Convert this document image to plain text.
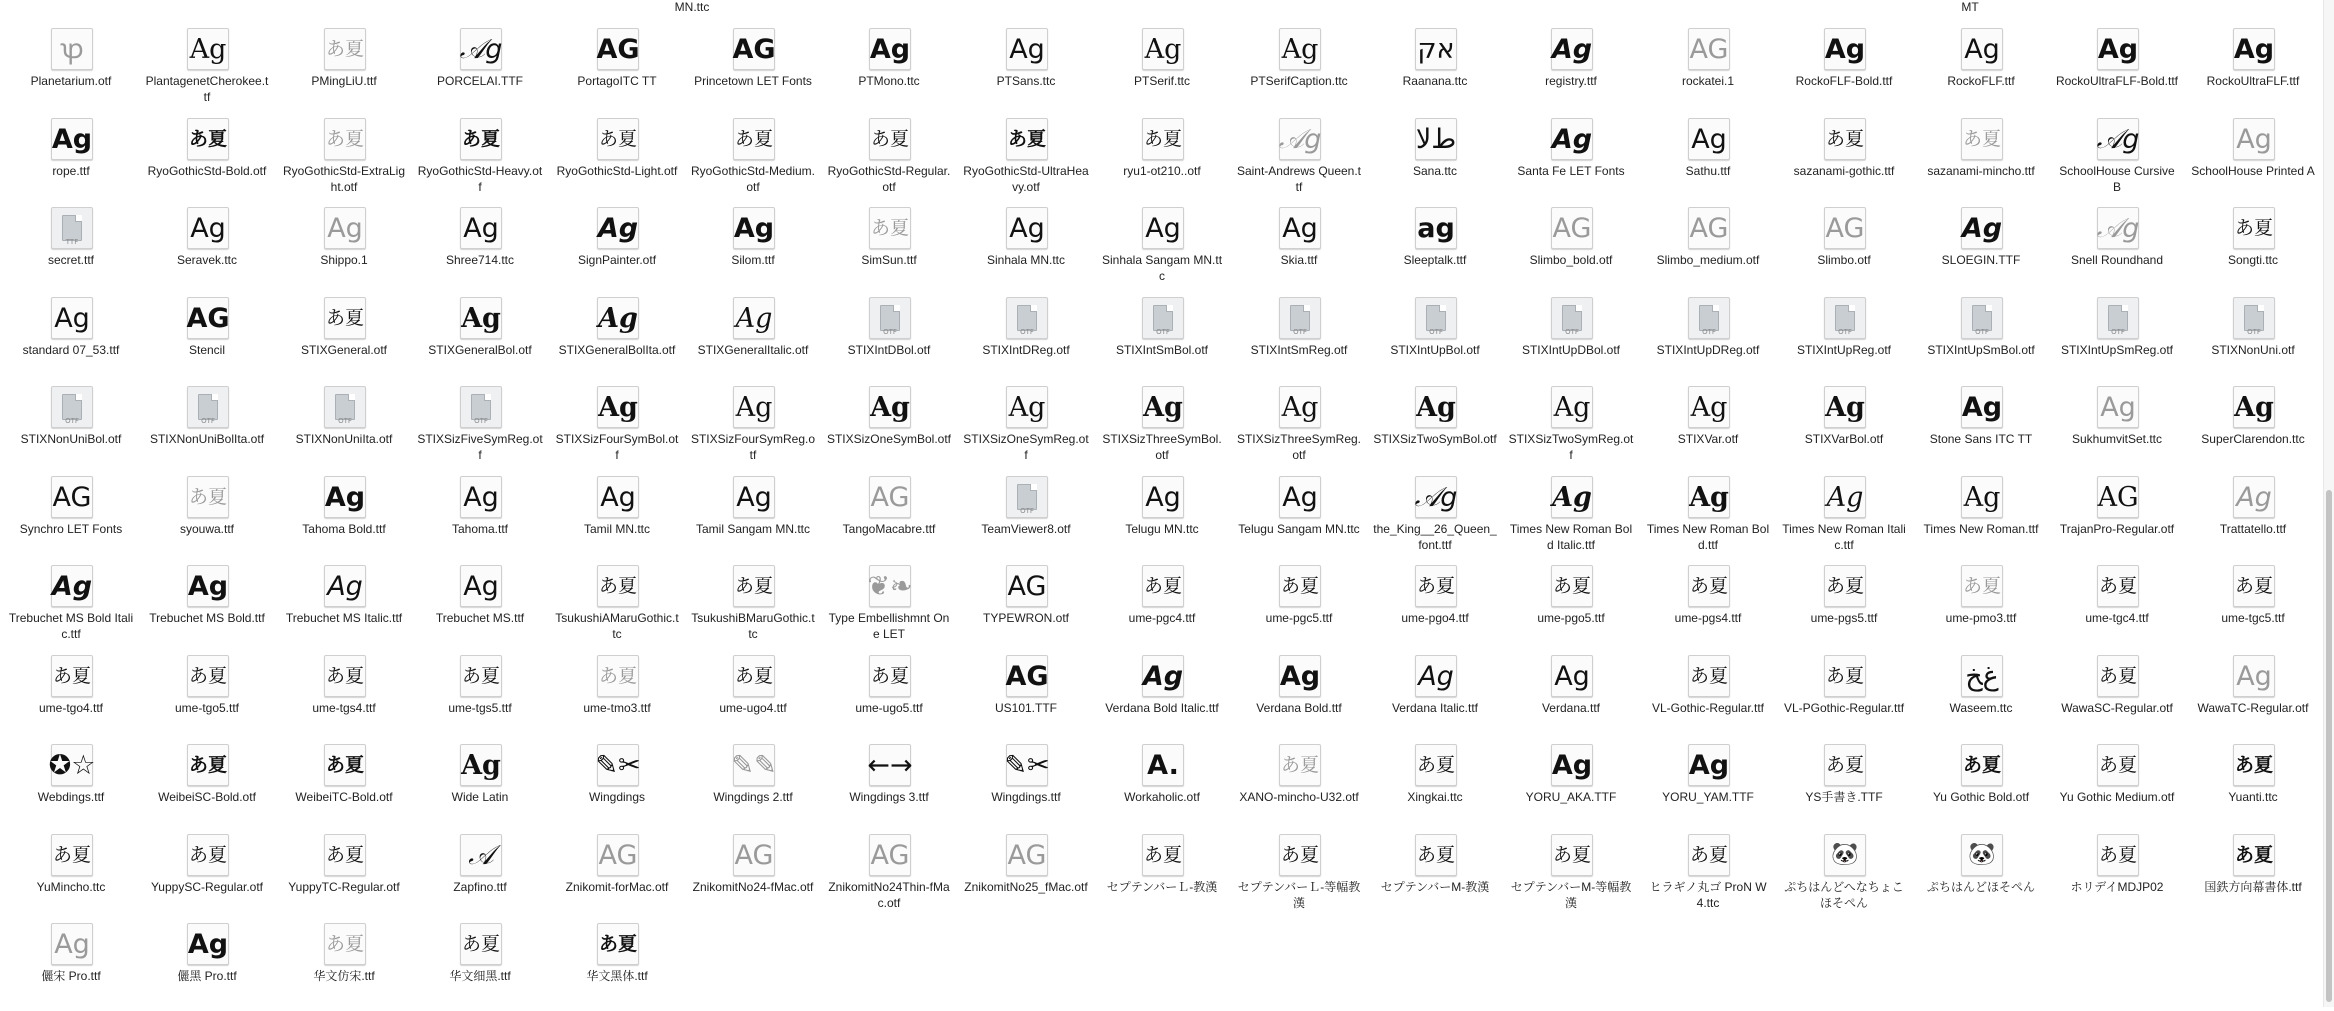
MN.ttc	MT
ꝕ
Planetarium.otf
Ag
PlantagenetCherokee.ttf
あ夏
PMingLiU.ttf
𝒜g
PORCELAI.TTF
AG
PortagoITC TT
AG
Princetown LET Fonts
Ag
PTMono.ttc
Ag
PTSans.ttc
Ag
PTSerif.ttc
Ag
PTSerifCaption.ttc
אק
Raanana.ttc
Ag
registry.ttf
AG
rockatei.1
Ag
RockoFLF-Bold.ttf
Ag
RockoFLF.ttf
Ag
RockoUltraFLF-Bold.ttf
Ag
RockoUltraFLF.ttf
Ag
rope.ttf
あ夏
RyoGothicStd-Bold.otf
あ夏
RyoGothicStd-ExtraLight.otf
あ夏
RyoGothicStd-Heavy.otf
あ夏
RyoGothicStd-Light.otf
あ夏
RyoGothicStd-Medium.otf
あ夏
RyoGothicStd-Regular.otf
あ夏
RyoGothicStd-UltraHeavy.otf
あ夏
ryu1-ot210..otf
𝒜g
Saint-Andrews Queen.ttf
ﻁﻻ
Sana.ttc
Ag
Santa Fe LET Fonts
Ag
Sathu.ttf
あ夏
sazanami-gothic.ttf
あ夏
sazanami-mincho.ttf
𝒜g
SchoolHouse Cursive B
Ag
SchoolHouse Printed A
TTF
secret.ttf
Ag
Seravek.ttc
Ag
Shippo.1
Ag
Shree714.ttc
Ag
SignPainter.otf
Ag
Silom.ttf
あ夏
SimSun.ttf
Ag
Sinhala MN.ttc
Ag
Sinhala Sangam MN.ttc
Ag
Skia.ttf
ag
Sleeptalk.ttf
AG
Slimbo_bold.otf
AG
Slimbo_medium.otf
AG
Slimbo.otf
Ag
SLOEGIN.TTF
𝒜g
Snell Roundhand
あ夏
Songti.ttc
Ag
standard 07_53.ttf
AG
Stencil
あ夏
STIXGeneral.otf
Ag
STIXGeneralBol.otf
Ag
STIXGeneralBolIta.otf
Ag
STIXGeneralItalic.otf
OTF
STIXIntDBol.otf
OTF
STIXIntDReg.otf
OTF
STIXIntSmBol.otf
OTF
STIXIntSmReg.otf
OTF
STIXIntUpBol.otf
OTF
STIXIntUpDBol.otf
OTF
STIXIntUpDReg.otf
OTF
STIXIntUpReg.otf
OTF
STIXIntUpSmBol.otf
OTF
STIXIntUpSmReg.otf
OTF
STIXNonUni.otf
OTF
STIXNonUniBol.otf
OTF
STIXNonUniBolIta.otf
OTF
STIXNonUniIta.otf
OTF
STIXSizFiveSymReg.otf
Ag
STIXSizFourSymBol.otf
Ag
STIXSizFourSymReg.otf
Ag
STIXSizOneSymBol.otf
Ag
STIXSizOneSymReg.otf
Ag
STIXSizThreeSymBol.otf
Ag
STIXSizThreeSymReg.otf
Ag
STIXSizTwoSymBol.otf
Ag
STIXSizTwoSymReg.otf
Ag
STIXVar.otf
Ag
STIXVarBol.otf
Ag
Stone Sans ITC TT
Ag
SukhumvitSet.ttc
Ag
SuperClarendon.ttc
AG
Synchro LET Fonts
あ夏
syouwa.ttf
Ag
Tahoma Bold.ttf
Ag
Tahoma.ttf
Ag
Tamil MN.ttc
Ag
Tamil Sangam MN.ttc
AG
TangoMacabre.ttf
OTF
TeamViewer8.otf
Ag
Telugu MN.ttc
Ag
Telugu Sangam MN.ttc
𝒜g
the_King__26_Queen_font.ttf
Ag
Times New Roman Bold Italic.ttf
Ag
Times New Roman Bold.ttf
Ag
Times New Roman Italic.ttf
Ag
Times New Roman.ttf
AG
TrajanPro-Regular.otf
Ag
Trattatello.ttf
Ag
Trebuchet MS Bold Italic.ttf
Ag
Trebuchet MS Bold.ttf
Ag
Trebuchet MS Italic.ttf
Ag
Trebuchet MS.ttf
あ夏
TsukushiAMaruGothic.ttc
あ夏
TsukushiBMaruGothic.ttc
❦❧
Type Embellishmnt One LET
AG
TYPEWRON.otf
あ夏
ume-pgc4.ttf
あ夏
ume-pgc5.ttf
あ夏
ume-pgo4.ttf
あ夏
ume-pgo5.ttf
あ夏
ume-pgs4.ttf
あ夏
ume-pgs5.ttf
あ夏
ume-pmo3.ttf
あ夏
ume-tgc4.ttf
あ夏
ume-tgc5.ttf
あ夏
ume-tgo4.ttf
あ夏
ume-tgo5.ttf
あ夏
ume-tgs4.ttf
あ夏
ume-tgs5.ttf
あ夏
ume-tmo3.ttf
あ夏
ume-ugo4.ttf
あ夏
ume-ugo5.ttf
AG
US101.TTF
Ag
Verdana Bold Italic.ttf
Ag
Verdana Bold.ttf
Ag
Verdana Italic.ttf
Ag
Verdana.ttf
あ夏
VL-Gothic-Regular.ttf
あ夏
VL-PGothic-Regular.ttf
ﻍﺦ
Waseem.ttc
あ夏
WawaSC-Regular.otf
Ag
WawaTC-Regular.otf
✪☆
Webdings.ttf
あ夏
WeibeiSC-Bold.otf
あ夏
WeibeiTC-Bold.otf
Ag
Wide Latin
✎✂
Wingdings
✎✎
Wingdings 2.ttf
←→
Wingdings 3.ttf
✎✂
Wingdings.ttf
A.
Workaholic.otf
あ夏
XANO-mincho-U32.otf
あ夏
Xingkai.ttc
Ag
YORU_AKA.TTF
Ag
YORU_YAM.TTF
あ夏
YS手書き.TTF
あ夏
Yu Gothic Bold.otf
あ夏
Yu Gothic Medium.otf
あ夏
Yuanti.ttc
あ夏
YuMincho.ttc
あ夏
YuppySC-Regular.otf
あ夏
YuppyTC-Regular.otf
𝒜
Zapfino.ttf
AG
Znikomit-forMac.otf
AG
ZnikomitNo24-fMac.otf
AG
ZnikomitNo24Thin-fMac.otf
AG
ZnikomitNo25_fMac.otf
あ夏
セプテンバーＬ-教漢
あ夏
セプテンバーＬ-等幅教漢
あ夏
セプテンバーM-教漢
あ夏
セプテンバーM-等幅教漢
あ夏
ヒラギノ丸ゴ ProN W4.ttc
🐼
ぷちはんどへなちょこほそぺん
🐼
ぷちはんどほそぺん
あ夏
ホリデイMDJP02
あ夏
国鉄方向幕書体.ttf
Ag
儷宋 Pro.ttf
Ag
儷黑 Pro.ttf
あ夏
华文仿宋.ttf
あ夏
华文细黑.ttf
あ夏
华文黑体.ttf
